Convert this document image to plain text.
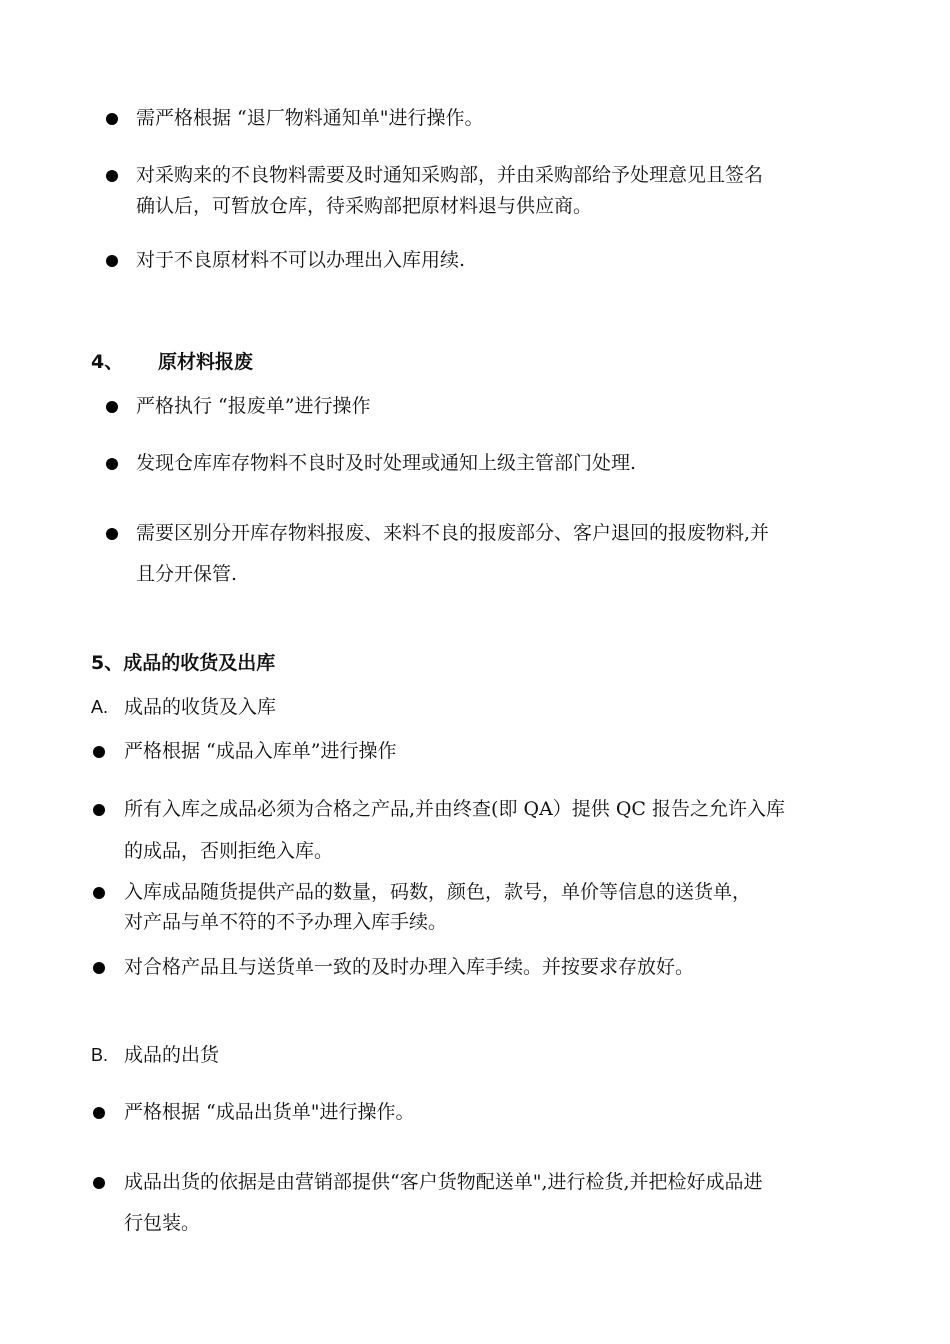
需严格根据 “退厂物料通知单"进行操作。
对采购来的不良物料需要及时通知采购部，并由采购部给予处理意见且签名
确认后，可暂放仓库，待采购部把原材料退与供应商。
对于不良原材料不可以办理出入库用续.
4、 原材料报废
严格执行 “报废单”进行操作
发现仓库库存物料不良时及时处理或通知上级主管部门处理.
需要区别分开库存物料报废、来料不良的报废部分、客户退回的报废物料,并
且分开保管.
5、成品的收货及出库
A. 成品的收货及入库
严格根据 “成品入库单”进行操作
所有入库之成品必须为合格之产品,并由终查(即 QA）提供 QC 报告之允许入库
的成品，否则拒绝入库。
入库成品随货提供产品的数量，码数，颜色，款号，单价等信息的送货单，
对产品与单不符的不予办理入库手续。
对合格产品且与送货单一致的及时办理入库手续。并按要求存放好。
B. 成品的出货
严格根据 “成品出货单"进行操作。
成品出货的依据是由营销部提供“客户货物配送单",进行检货,并把检好成品进
行包装。
